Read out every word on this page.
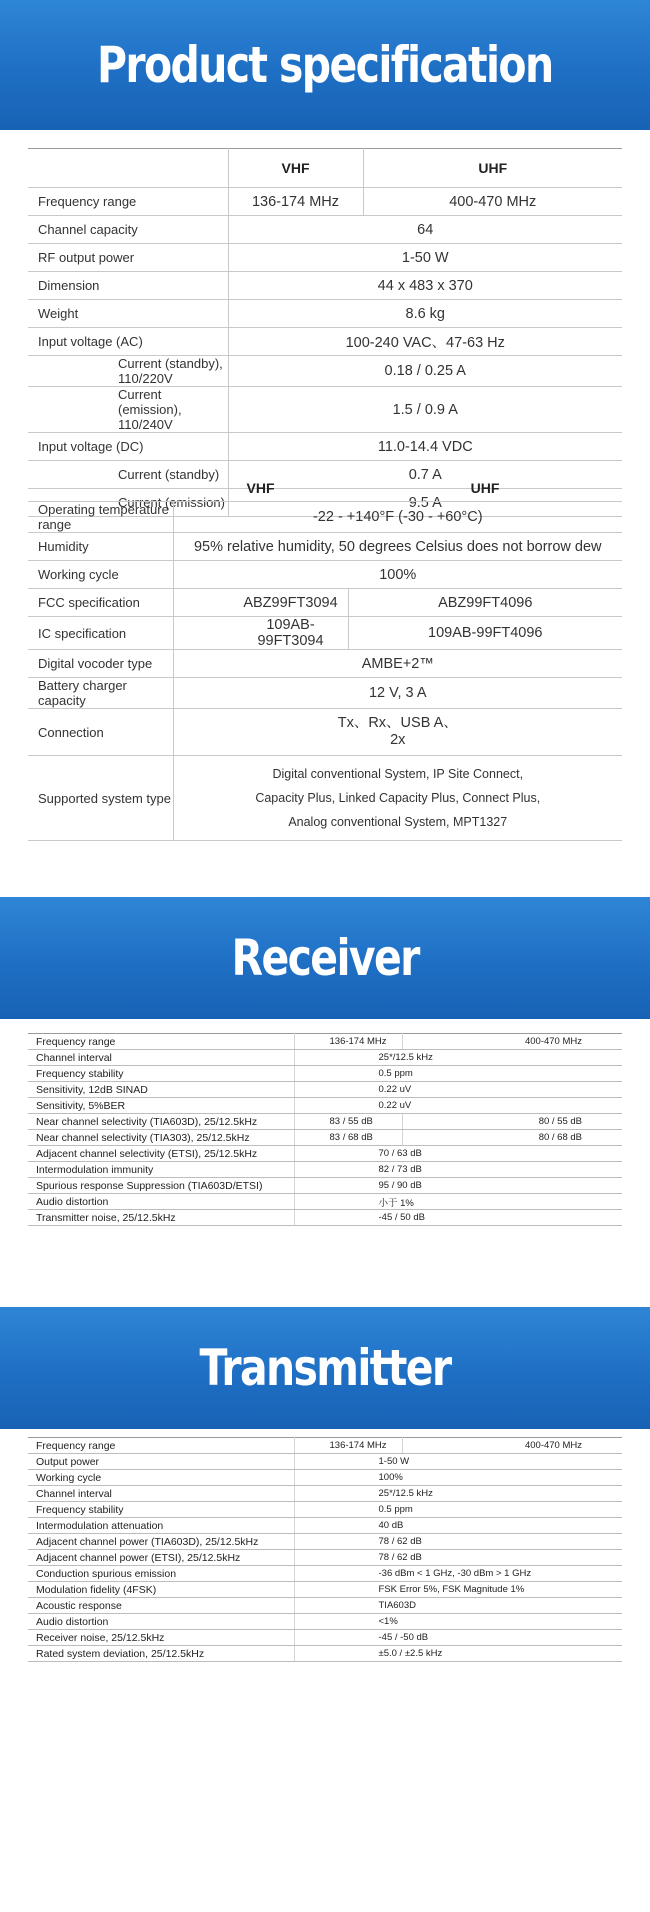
Product specification
	VHF	UHF
Frequency range	136-174 MHz	400-470 MHz
Channel capacity	64	
RF output power	1-50 W	
Dimension	44 x 483 x 370	
Weight	8.6 kg	
Input voltage (AC)	100-240 VAC、47-63 Hz	
Current (standby), 110/220V	0.18 / 0.25 A	
Current (emission), 110/240V	1.5 / 0.9 A	
Input voltage (DC)	11.0-14.4 VDC	
Current (standby)	0.7 A	
Current (emission)	9.5 A	
	VHF	UHF
Operating temperature range	-22 - +140°F (-30 - +60°C)	
Humidity	95% relative humidity, 50 degrees Celsius does not borrow dew	
Working cycle	100%	
FCC specification	ABZ99FT3094	ABZ99FT4096
IC specification	109AB-99FT3094	109AB-99FT4096
Digital vocoder type	AMBE+2™	
Battery charger capacity	12 V, 3 A	
Connection	Tx、Rx、USB A、
2x	

Supported system type	Digital conventional System, IP Site Connect,
Capacity Plus, Linked Capacity Plus, Connect Plus,
Analog conventional System, MPT1327	
Receiver
Frequency range	136-174 MHz	400-470 MHz
Channel interval	25*/12.5 kHz	
Frequency stability	0.5 ppm	
Sensitivity, 12dB SINAD	0.22 uV	
Sensitivity, 5%BER	0.22 uV	
Near channel selectivity (TIA603D), 25/12.5kHz	83 / 55 dB	80 / 55 dB
Near channel selectivity (TIA303), 25/12.5kHz	83 / 68 dB	80 / 68 dB
Adjacent channel selectivity (ETSI), 25/12.5kHz	70 / 63 dB	
Intermodulation immunity	82 / 73 dB	
Spurious response Suppression (TIA603D/ETSI)	95 / 90 dB	
Audio distortion	小于 1%	
Transmitter noise, 25/12.5kHz	-45 / 50 dB	
Transmitter
Frequency range	136-174 MHz	400-470 MHz
Output power	1-50 W	
Working cycle	100%	
Channel interval	25*/12.5 kHz	
Frequency stability	0.5 ppm	
Intermodulation attenuation	40 dB	
Adjacent channel power (TIA603D), 25/12.5kHz	78 / 62 dB	
Adjacent channel power (ETSI), 25/12.5kHz	78 / 62 dB	
Conduction spurious emission	-36 dBm < 1 GHz, -30 dBm > 1 GHz	
Modulation fidelity (4FSK)	FSK Error 5%, FSK Magnitude 1%	
Acoustic response	TIA603D	
Audio distortion	<1%	
Receiver noise, 25/12.5kHz	-45 / -50 dB	
Rated system deviation, 25/12.5kHz	±5.0 / ±2.5 kHz	
